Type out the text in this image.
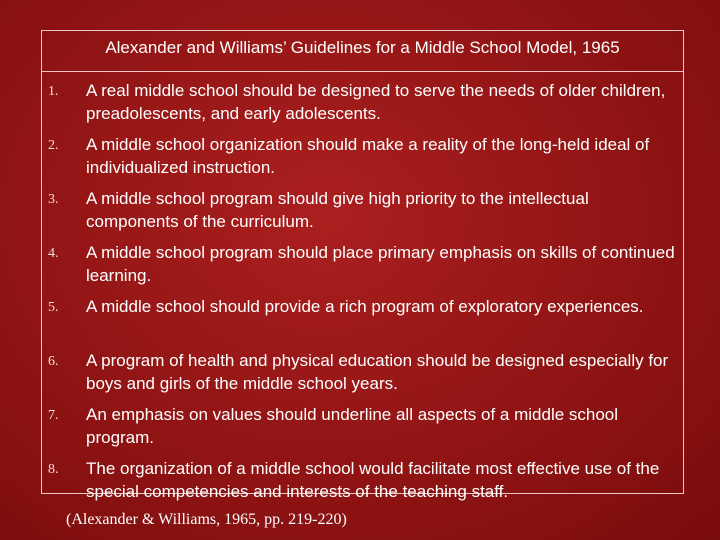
Alexander and Williams’ Guidelines for a Middle School Model, 1965
1. A real middle school should be designed to serve the needs of older children, preadolescents, and early adolescents.
2. A middle school organization should make a reality of the long-held ideal of individualized instruction.
3. A middle school program should give high priority to the intellectual components of the curriculum.
4. A middle school program should place primary emphasis on skills of continued learning.
5. A middle school should provide a rich program of exploratory experiences.
6. A program of health and physical education should be designed especially for boys and girls of the middle school years.
7. An emphasis on values should underline all aspects of a middle school program.
8. The organization of a middle school would facilitate most effective use of the special competencies and interests of the teaching staff.
(Alexander & Williams, 1965, pp. 219-220)
